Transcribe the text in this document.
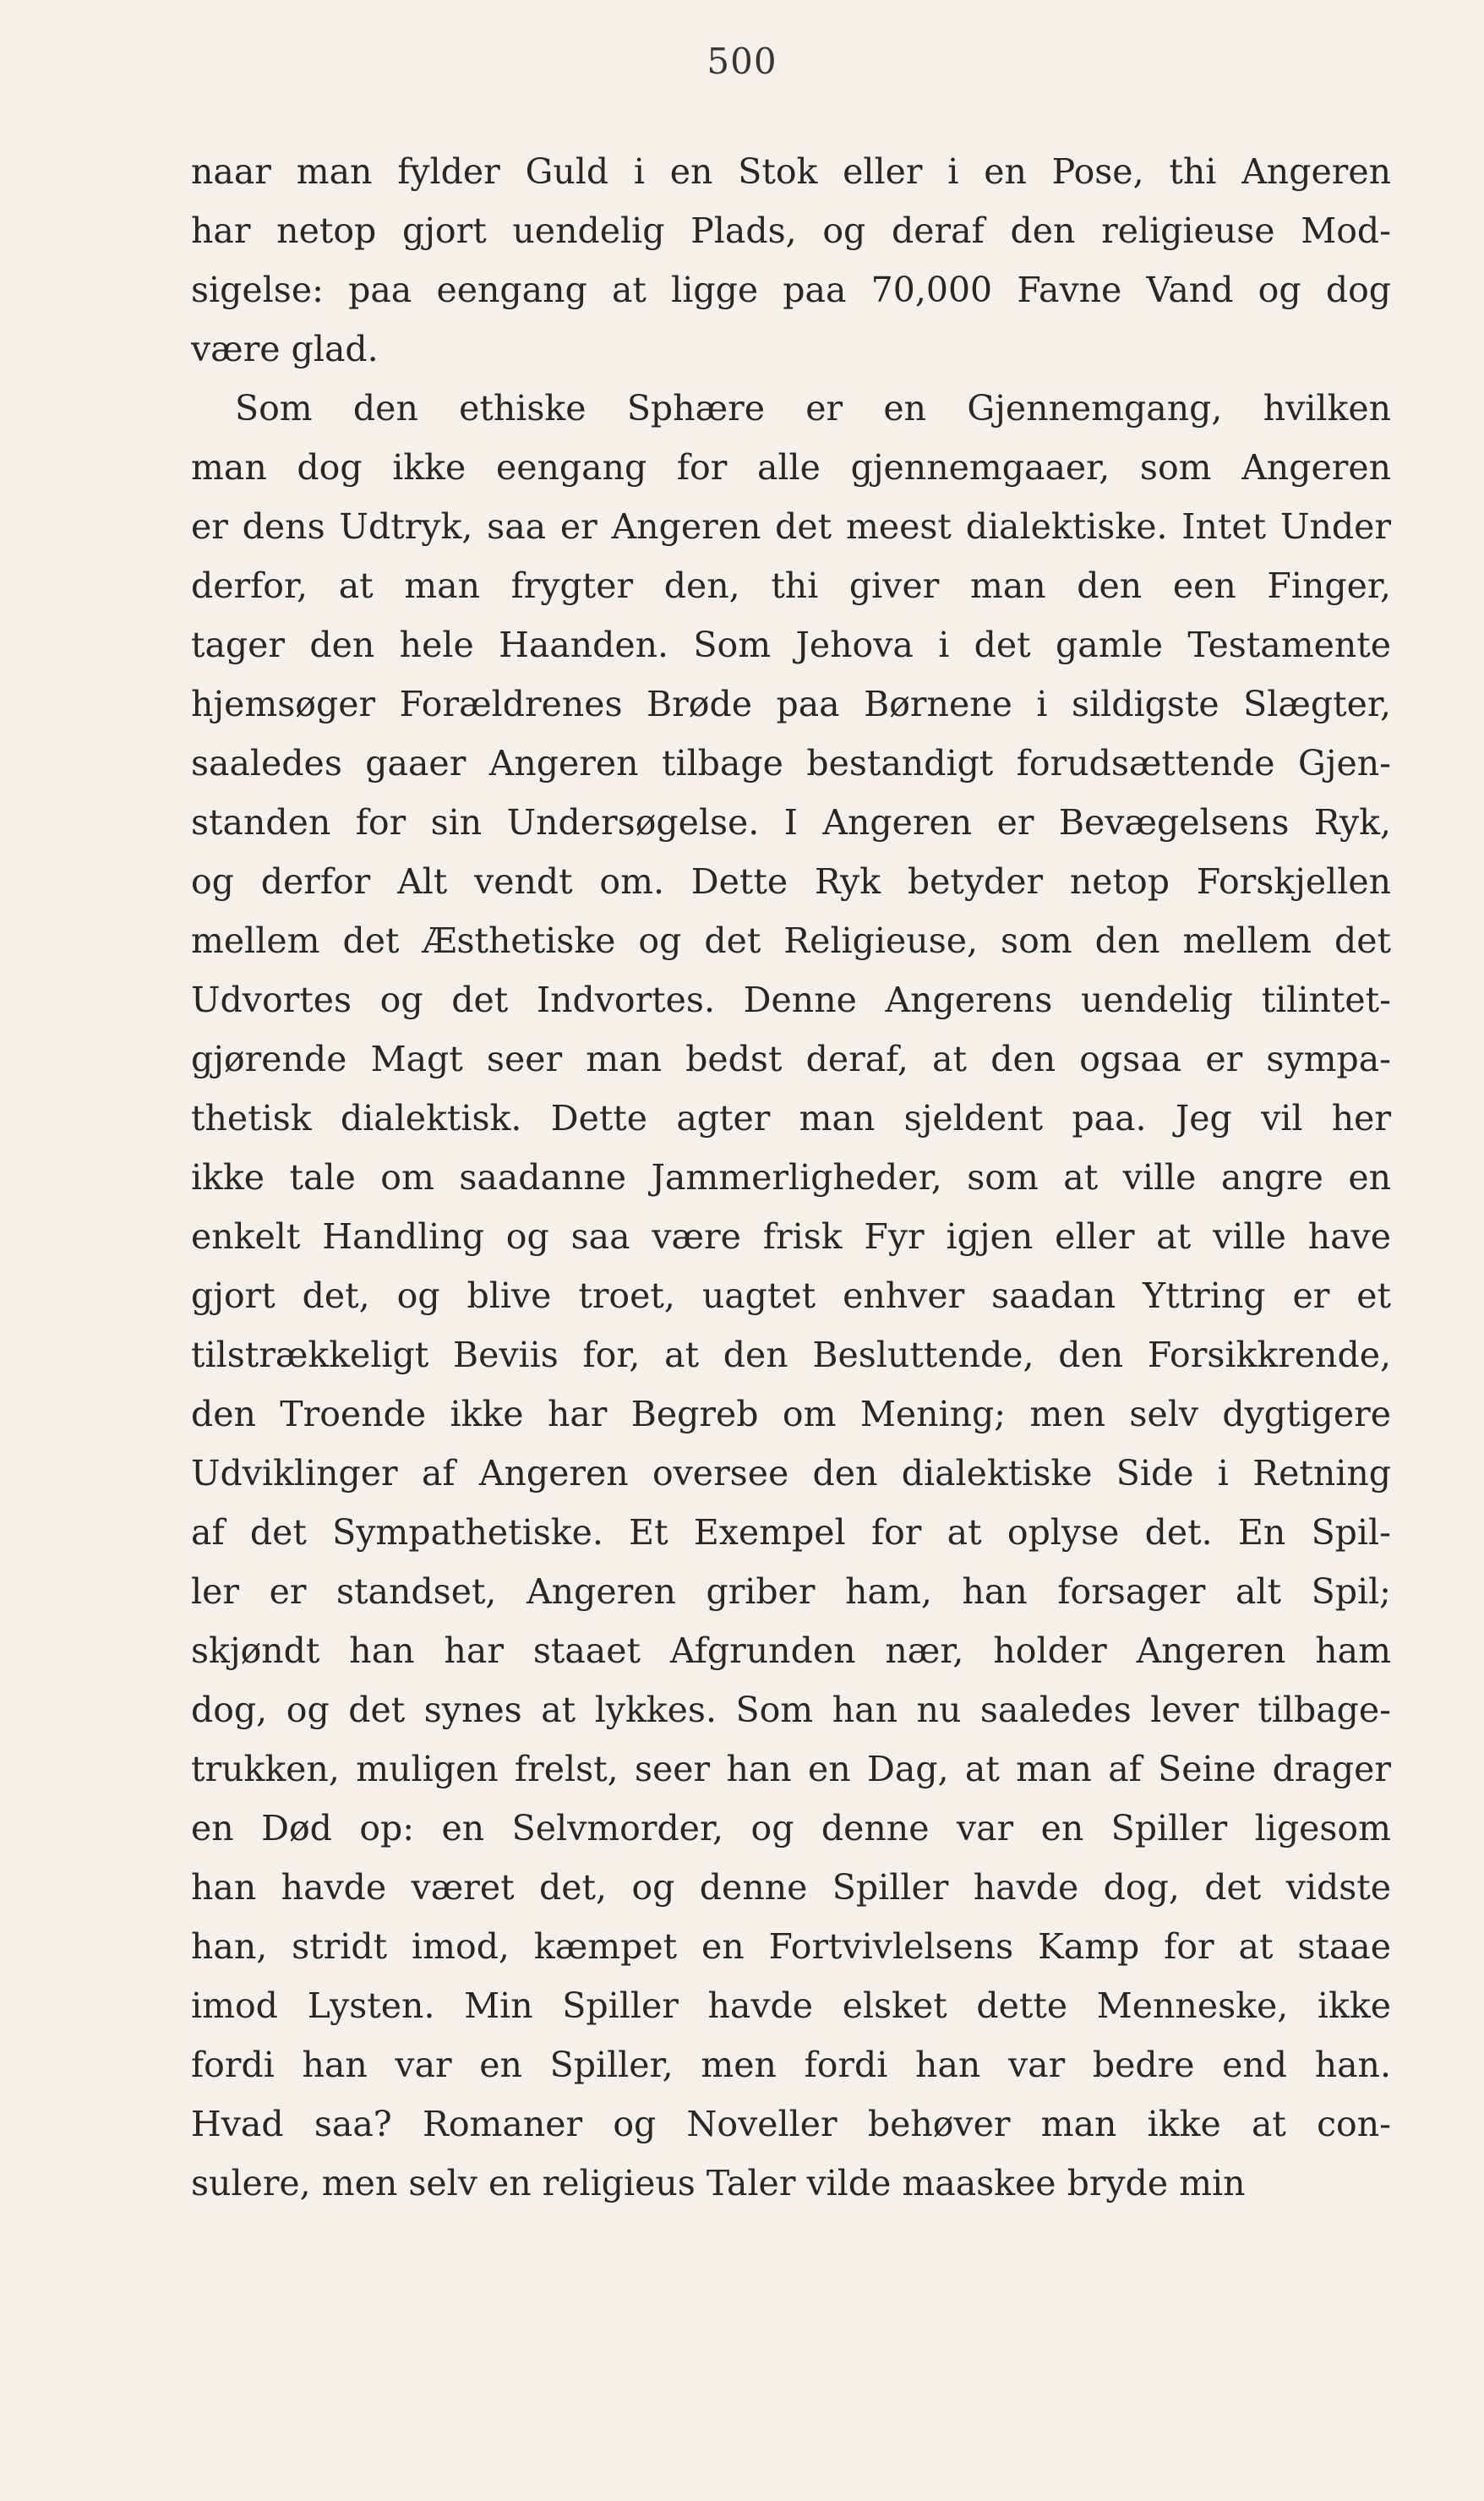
500
naar man fylder Guld i en Stok eller i en Pose, thi Angeren
har netop gjort uendelig Plads, og deraf den religieuse Mod-
sigelse: paa eengang at ligge paa 70,000 Favne Vand og dog
være glad.
Som den ethiske Sphære er en Gjennemgang, hvilken
man dog ikke eengang for alle gjennemgaaer, som Angeren
er dens Udtryk, saa er Angeren det meest dialektiske. Intet Under
derfor, at man frygter den, thi giver man den een Finger,
tager den hele Haanden. Som Jehova i det gamle Testamente
hjemsøger Forældrenes Brøde paa Børnene i sildigste Slægter,
saaledes gaaer Angeren tilbage bestandigt forudsættende Gjen-
standen for sin Undersøgelse. I Angeren er Bevægelsens Ryk,
og derfor Alt vendt om. Dette Ryk betyder netop Forskjellen
mellem det Æsthetiske og det Religieuse, som den mellem det
Udvortes og det Indvortes. Denne Angerens uendelig tilintet-
gjørende Magt seer man bedst deraf, at den ogsaa er sympa-
thetisk dialektisk. Dette agter man sjeldent paa. Jeg vil her
ikke tale om saadanne Jammerligheder, som at ville angre en
enkelt Handling og saa være frisk Fyr igjen eller at ville have
gjort det, og blive troet, uagtet enhver saadan Yttring er et
tilstrækkeligt Beviis for, at den Besluttende, den Forsikkrende,
den Troende ikke har Begreb om Mening; men selv dygtigere
Udviklinger af Angeren overseе den dialektiske Side i Retning
af det Sympathetiske. Et Exempel for at oplyse det. En Spil-
ler er standset, Angeren griber ham, han forsager alt Spil;
skjøndt han har staaet Afgrunden nær, holder Angeren ham
dog, og det synes at lykkes. Som han nu saaledes lever tilbage-
trukken, muligen frelst, seer han en Dag, at man af Seine drager
en Død op: en Selvmorder, og denne var en Spiller ligesom
han havde været det, og denne Spiller havde dog, det vidste
han, stridt imod, kæmpet en Fortvivlelsens Kamp for at staae
imod Lysten. Min Spiller havde elsket dette Menneske, ikke
fordi han var en Spiller, men fordi han var bedre end han.
Hvad saa? Romaner og Noveller behøver man ikke at con-
sulere, men selv en religieus Taler vilde maaskee bryde min
